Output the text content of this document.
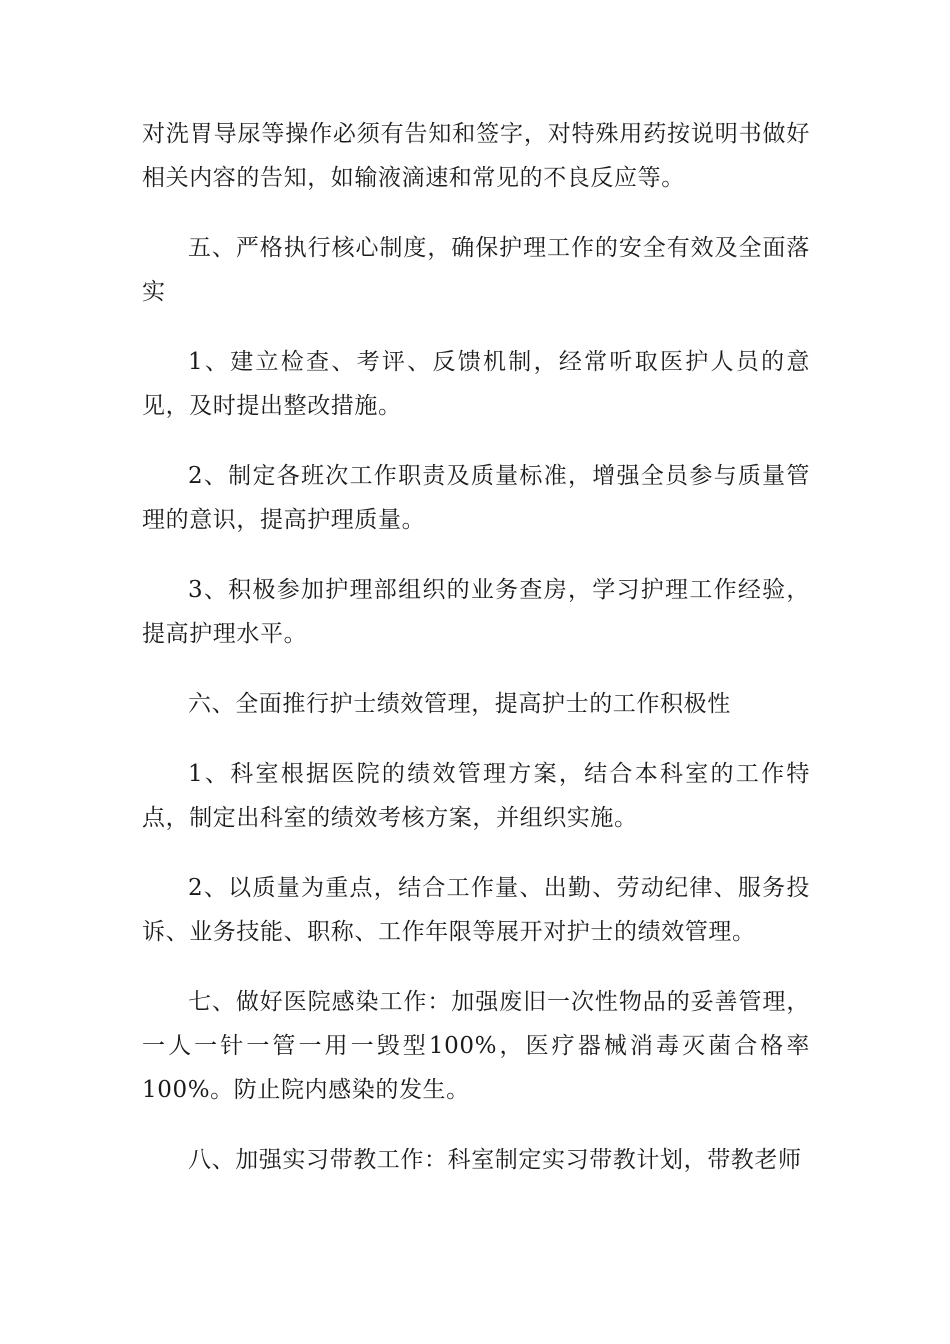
对洗胃导尿等操作必须有告知和签字，对特殊用药按说明书做好相关内容的告知，如输液滴速和常见的不良反应等。

五、严格执行核心制度，确保护理工作的安全有效及全面落实

1、建立检查、考评、反馈机制，经常听取医护人员的意见，及时提出整改措施。

2、制定各班次工作职责及质量标准，增强全员参与质量管理的意识，提高护理质量。

3、积极参加护理部组织的业务查房，学习护理工作经验，提高护理水平。

六、全面推行护士绩效管理，提高护士的工作积极性

1、科室根据医院的绩效管理方案，结合本科室的工作特点，制定出科室的绩效考核方案，并组织实施。

2、以质量为重点，结合工作量、出勤、劳动纪律、服务投诉、业务技能、职称、工作年限等展开对护士的绩效管理。

七、做好医院感染工作：加强废旧一次性物品的妥善管理，一人一针一管一用一毁型100%，医疗器械消毒灭菌合格率100%。防止院内感染的发生。

八、加强实习带教工作：科室制定实习带教计划，带教老师
